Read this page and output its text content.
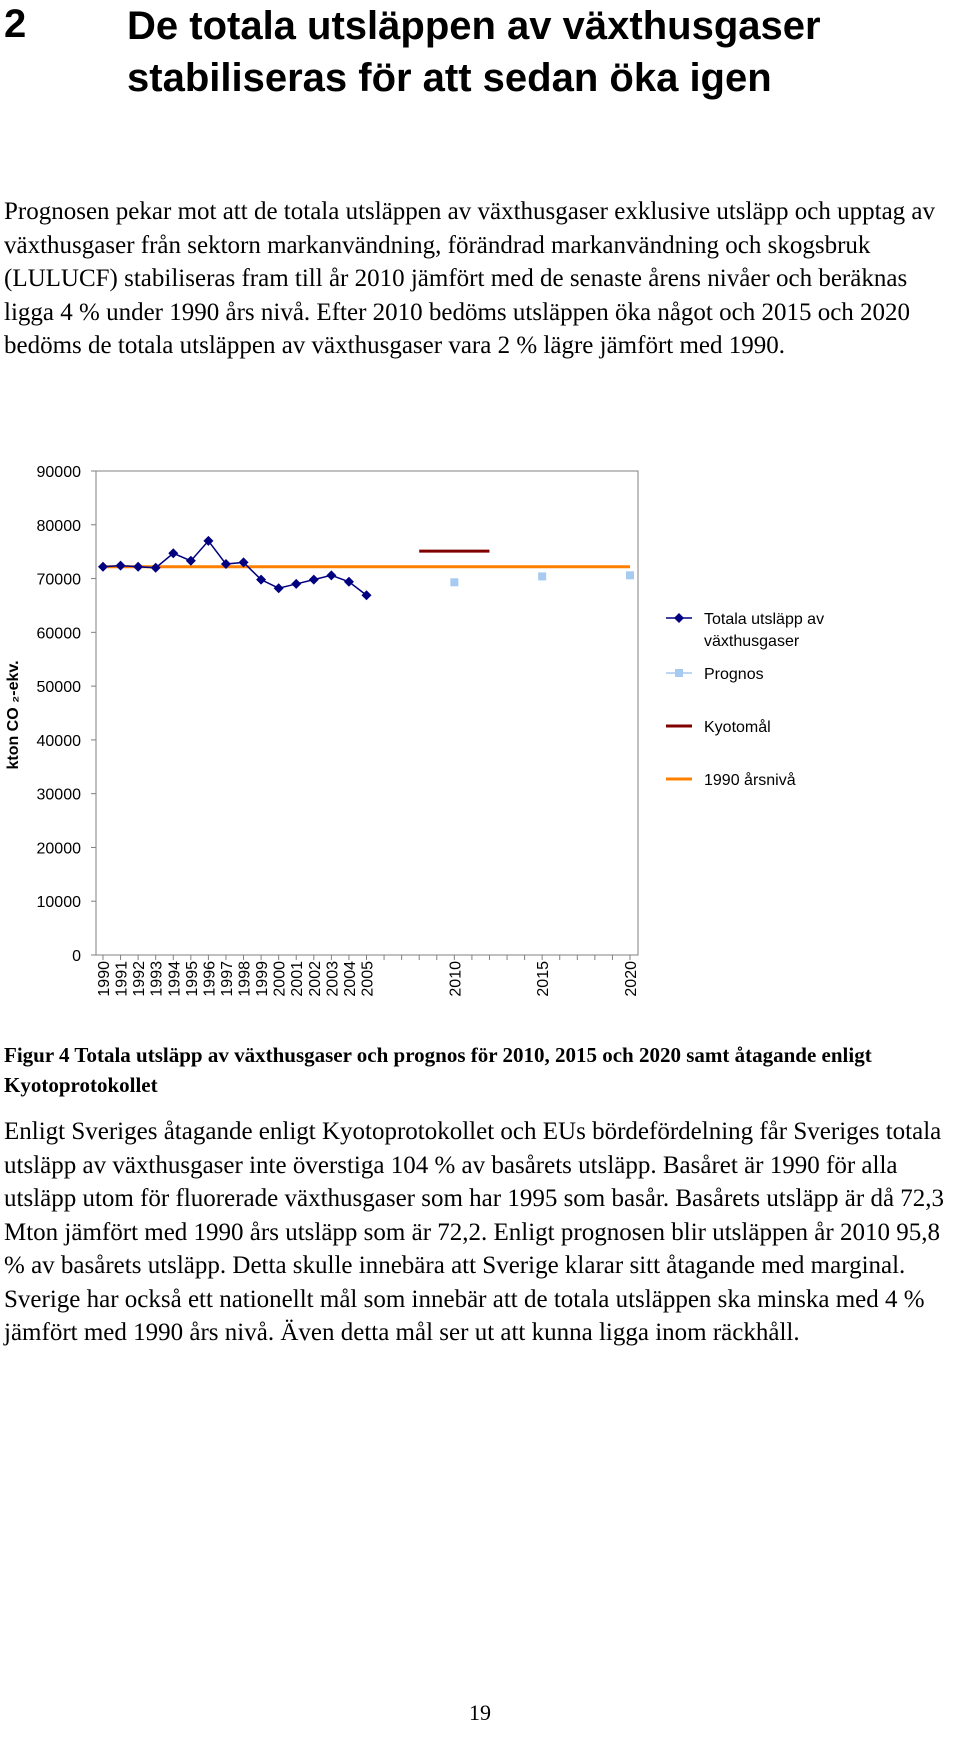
2	De totala utsläppen av växthusgaser stabiliseras för att sedan öka igen

Prognosen pekar mot att de totala utsläppen av växthusgaser exklusive utsläpp och upptag av växthusgaser från sektorn markanvändning, förändrad markanvändning och skogsbruk (LULUCF) stabiliseras fram till år 2010 jämfört med de senaste årens nivåer och beräknas ligga 4 % under 1990 års nivå. Efter 2010 bedöms utsläppen öka något och 2015 och 2020 bedöms de totala utsläppen av växthusgaser vara 2 % lägre jämfört med 1990.

0
10000
20000
30000
40000
50000
60000
70000
80000
90000
1990 1991 1992 1993 1994 1995 1996 1997 1998 1999 2000 2001 2002 2003 2004 2005	2010	2015	2020
kton CO ₂-ekv.
Totala utsläpp av
växthusgaser
Prognos
Kyotomål
1990 årsnivå
Figur 4 Totala utsläpp av växthusgaser och prognos för 2010, 2015 och 2020 samt åtagande enligt Kyotoprotokollet

Enligt Sveriges åtagande enligt Kyotoprotokollet och EUs bördefördelning får Sveriges totala utsläpp av växthusgaser inte överstiga 104 % av basårets utsläpp. Basåret är 1990 för alla utsläpp utom för fluorerade växthusgaser som har 1995 som basår. Basårets utsläpp är då 72,3 Mton jämfört med 1990 års utsläpp som är 72,2. Enligt prognosen blir utsläppen år 2010 95,8 % av basårets utsläpp. Detta skulle innebära att Sverige klarar sitt åtagande med marginal. Sverige har också ett nationellt mål som innebär att de totala utsläppen ska minska med 4 % jämfört med 1990 års nivå. Även detta mål ser ut att kunna ligga inom räckhåll.

19
